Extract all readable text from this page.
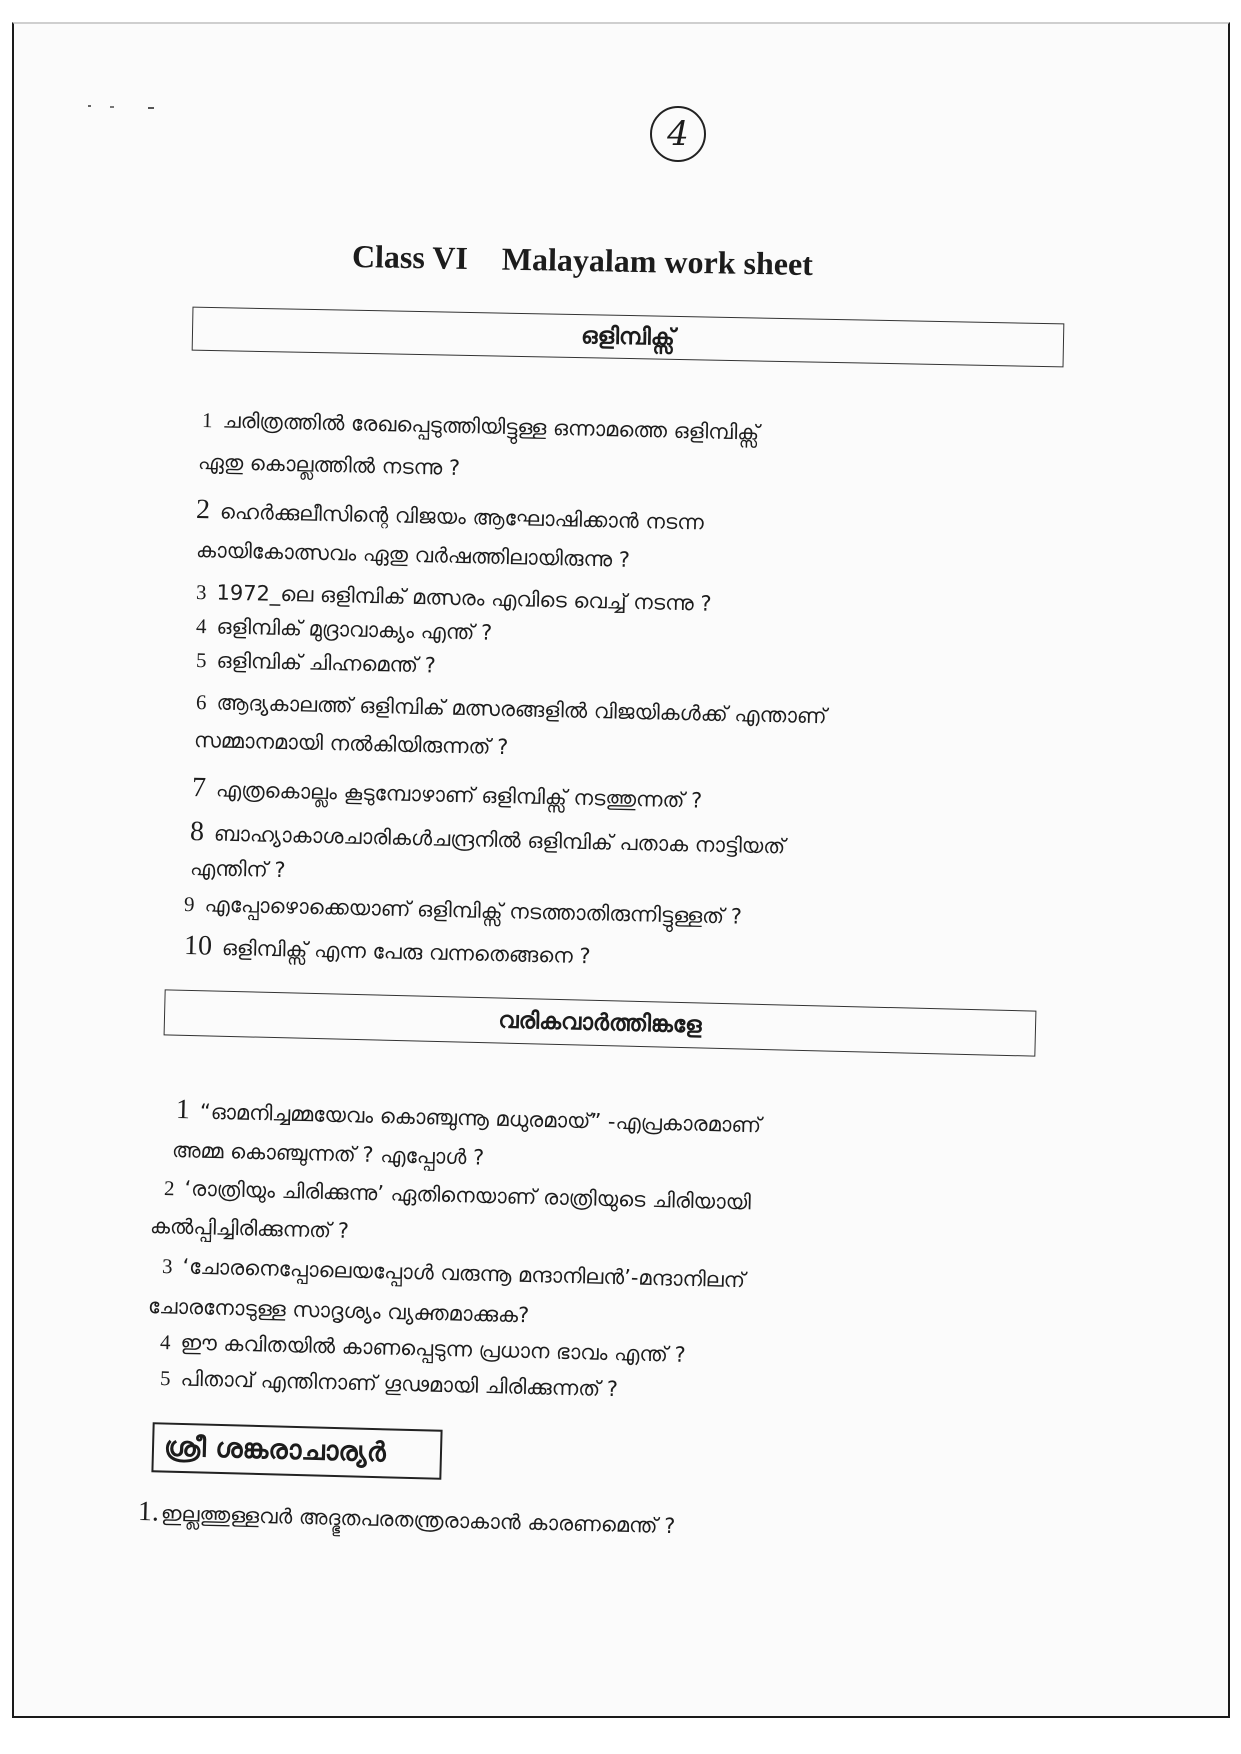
4
Class VI Malayalam work sheet
ഒളിമ്പിക്സ്
1 ചരിത്രത്തിൽ രേഖപ്പെടുത്തിയിട്ടുള്ള ഒന്നാമത്തെ ഒളിമ്പിക്സ്
ഏതു കൊല്ലത്തിൽ നടന്നു ?
2 ഹെർക്കുലീസിന്റെ വിജയം ആഘോഷിക്കാൻ നടന്ന
കായികോത്സവം ഏതു വർഷത്തിലായിരുന്നു ?
3 1972_ലെ ഒളിമ്പിക് മത്സരം എവിടെ വെച്ച് നടന്നു ?
4 ഒളിമ്പിക് മുദ്രാവാക്യം എന്ത് ?
5 ഒളിമ്പിക് ചിഹ്നമെന്ത് ?
6 ആദ്യകാലത്ത് ഒളിമ്പിക് മത്സരങ്ങളിൽ വിജയികൾക്ക് എന്താണ്
സമ്മാനമായി നൽകിയിരുന്നത് ?
7 എത്രകൊല്ലം കൂടുമ്പോഴാണ് ഒളിമ്പിക്സ് നടത്തുന്നത് ?
8 ബാഹ്യാകാശചാരികൾചന്ദ്രനിൽ ഒളിമ്പിക് പതാക നാട്ടിയത്
എന്തിന് ?
9 എപ്പോഴൊക്കെയാണ് ഒളിമ്പിക്സ് നടത്താതിരുന്നിട്ടുള്ളത് ?
10 ഒളിമ്പിക്സ് എന്ന പേരു വന്നതെങ്ങനെ ?
വരികവാർത്തിങ്കളേ
1 “ഓമനിച്ചമ്മയേവം കൊഞ്ചുന്നൂ മധുരമായ്” -എപ്രകാരമാണ്
അമ്മ കൊഞ്ചുന്നത് ? എപ്പോൾ ?
2 ‘രാത്രിയും ചിരിക്കുന്നു’ ഏതിനെയാണ് രാത്രിയുടെ ചിരിയായി
കൽപ്പിച്ചിരിക്കുന്നത് ?
3 ‘ചോരനെപ്പോലെയപ്പോൾ വരുന്നൂ മന്ദാനിലൻ’-മന്ദാനിലന്
ചോരനോടുള്ള സാദൃശ്യം വ്യക്തമാക്കുക?
4 ഈ കവിതയിൽ കാണപ്പെടുന്ന പ്രധാന ഭാവം എന്ത് ?
5 പിതാവ് എന്തിനാണ് ഗൂഢമായി ചിരിക്കുന്നത് ?
ശ്രീ ശങ്കരാചാര്യർ
1.ഇല്ലത്തുള്ളവർ അദ്ഭുതപരതന്ത്രരാകാൻ കാരണമെന്ത് ?
